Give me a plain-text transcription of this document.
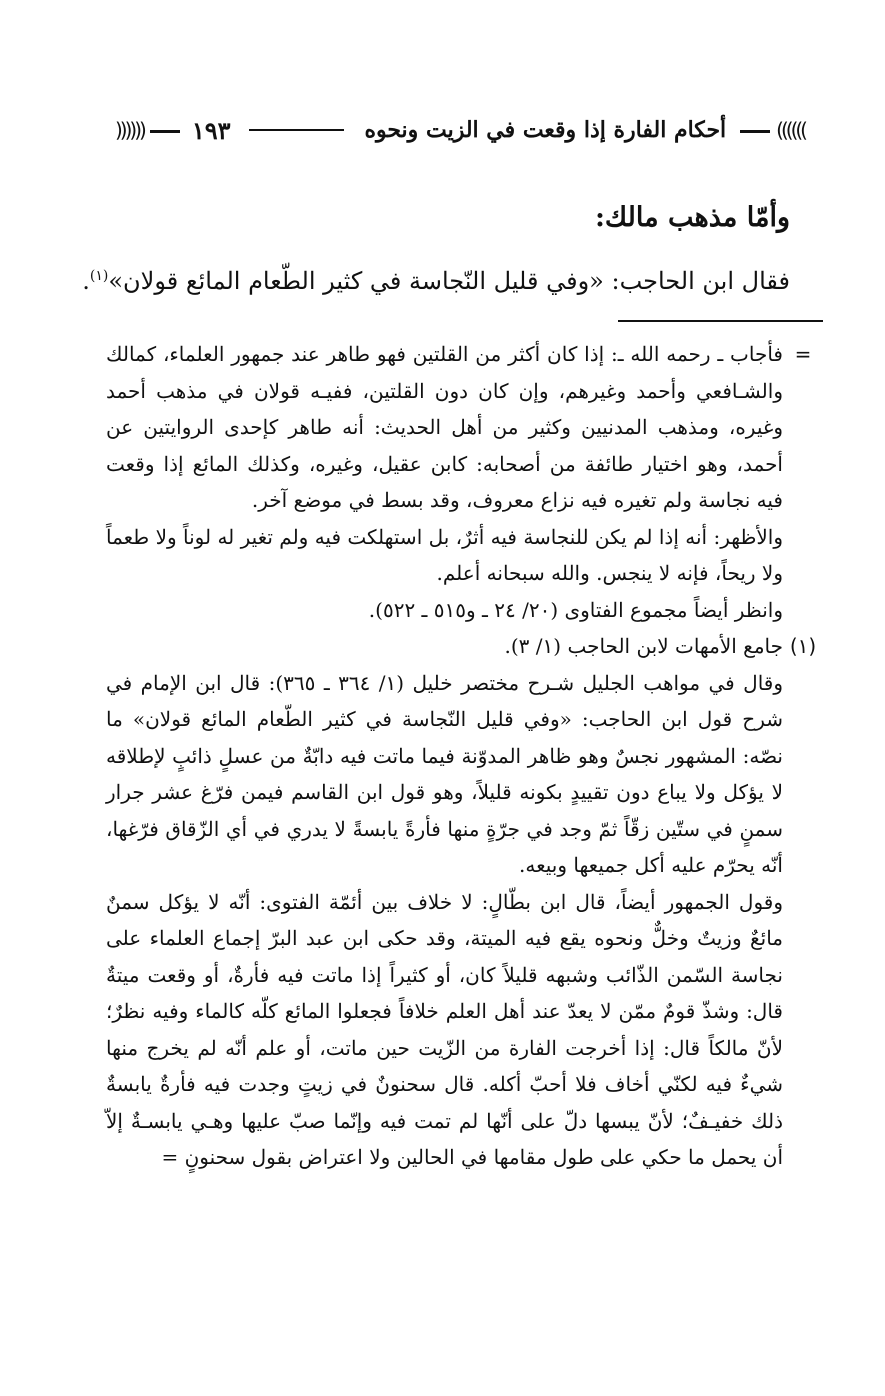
((((((
أحكام الفارة إذا وقعت في الزيت ونحوه
١٩٣
))))))

وأمّا مذهب مالك:

فقال ابن الحاجب: «وفي قليل النّجاسة في كثير الطّعام المائع قولان»$^{(١)}$.

=

فأجاب ـ رحمه الله ـ: إذا كان أكثر من القلتين فهو طاهر عند جمهور العلماء، كمالك والشـافعي وأحمد وغيرهم، وإن كان دون القلتين، ففيـه قولان في مذهب أحمد وغيره، ومذهب المدنيين وكثير من أهل الحديث: أنه طاهر كإحدى الروايتين عن أحمد، وهو اختيار طائفة من أصحابه: كابن عقيل، وغيره، وكذلك المائع إذا وقعت فيه نجاسة ولم تغيره فيه نزاع معروف، وقد بسط في موضع آخر.

والأظهر: أنه إذا لم يكن للنجاسة فيه أثرٌ، بل استهلكت فيه ولم تغير له لوناً ولا طعماً ولا ريحاً، فإنه لا ينجس. والله سبحانه أعلم.

وانظر أيضاً مجموع الفتاوى (٢٠/ ٢٤ ـ و٥١٥ ـ ٥٢٢).

(١)

جامع الأمهات لابن الحاجب (١/ ٣).

وقال في مواهب الجليل شـرح مختصر خليل (١/ ٣٦٤ ـ ٣٦٥): قال ابن الإمام في شرح قول ابن الحاجب: «وفي قليل النّجاسة في كثير الطّعام المائع قولان» ما نصّه: المشهور نجسٌ وهو ظاهر المدوّنة فيما ماتت فيه دابّةٌ من عسلٍ ذائبٍ لإطلاقه لا يؤكل ولا يباع دون تقييدٍ بكونه قليلاً، وهو قول ابن القاسم فيمن فرّغ عشر جرار سمنٍ في ستّين زقّاً ثمّ وجد في جرّةٍ منها فأرةً يابسةً لا يدري في أي الزّقاق فرّغها، أنّه يحرّم عليه أكل جميعها وبيعه.

وقول الجمهور أيضاً، قال ابن بطّالٍ: لا خلاف بين أئمّة الفتوى: أنّه لا يؤكل سمنٌ مائعٌ وزيتٌ وخلٌّ ونحوه يقع فيه الميتة، وقد حكى ابن عبد البرّ إجماع العلماء على نجاسة السّمن الذّائب وشبهه قليلاً كان، أو كثيراً إذا ماتت فيه فأرةٌ، أو وقعت ميتةٌ قال: وشذّ قومٌ ممّن لا يعدّ عند أهل العلم خلافاً فجعلوا المائع كلّه كالماء وفيه نظرٌ؛ لأنّ مالكاً قال: إذا أخرجت الفارة من الزّيت حين ماتت، أو علم أنّه لم يخرج منها شيءٌ فيه لكنّي أخاف فلا أحبّ أكله. قال سحنونٌ في زيتٍ وجدت فيه فأرةٌ يابسةٌ ذلك خفيـفٌ؛ لأنّ يبسها دلّ على أنّها لم تمت فيه وإنّما صبّ عليها وهـي يابسـةٌ إلاّ أن يحمل ما حكي على طول مقامها في الحالين ولا اعتراض بقول سحنونٍ =
